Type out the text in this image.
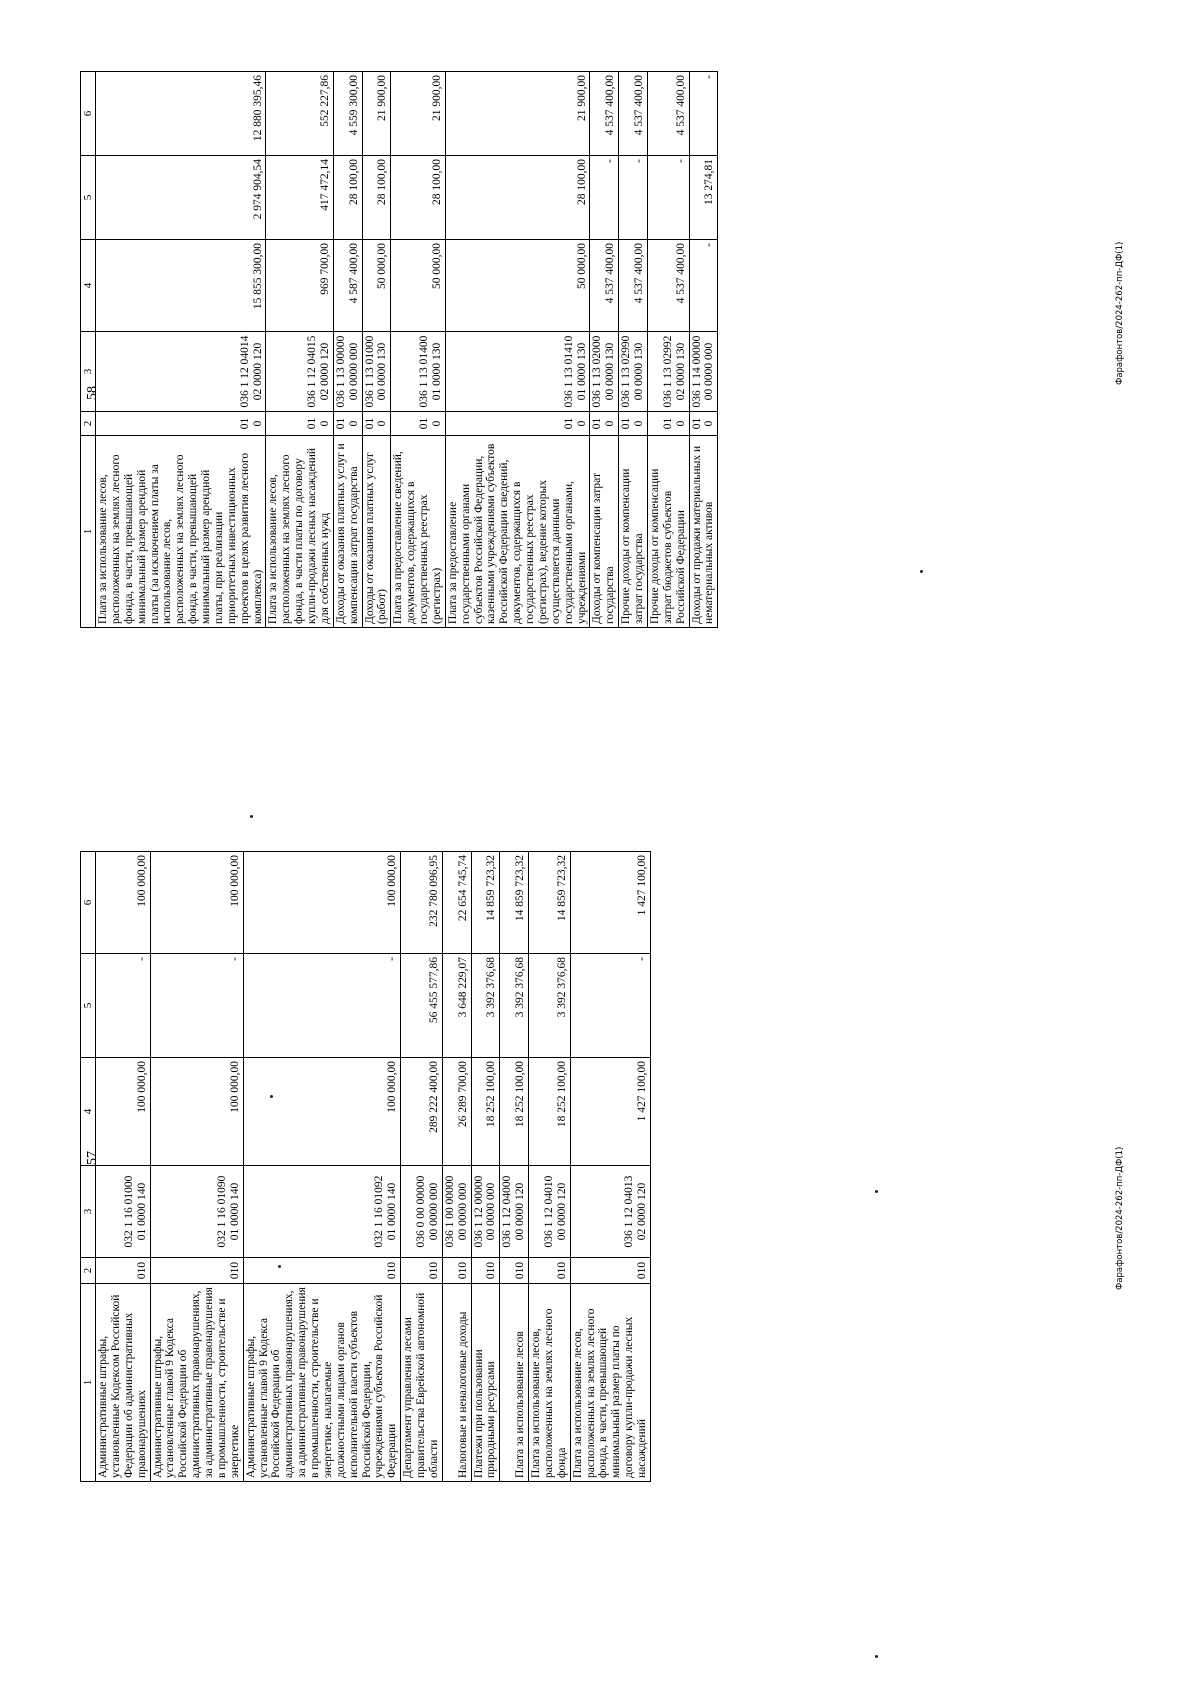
1	2	3	4	5	6
Административные штрафы, установленные Кодексом Российской Федерации об административных правонарушениях	010	032 1 16 01000 01 0000 140	100 000,00	-	100 000,00
Административные штрафы, установленные главой 9 Кодекса Российской Федерации об административных правонарушениях, за административные правонарушения в промышленности, строительстве и энергетике	010	032 1 16 01090 01 0000 140	100 000,00	-	100 000,00
Административные штрафы, установленные главой 9 Кодекса Российской Федерации об административных правонарушениях, за административные правонарушения в промышленности, строительстве и энергетике, налагаемые должностными лицами органов исполнительной власти субъектов Российской Федерации, учреждениями субъектов Российской Федерации	010	032 1 16 01092 01 0000 140	100 000,00	-	100 000,00
Департамент управления лесами правительства Еврейской автономной области	010	036 0 00 00000 00 0000 000	289 222 400,00	56 455 577,86	232 780 096,95
Налоговые и неналоговые доходы	010	036 1 00 00000 00 0000 000	26 289 700,00	3 648 229,07	22 654 745,74
Платежи при пользовании природными ресурсами	010	036 1 12 00000 00 0000 000	18 252 100,00	3 392 376,68	14 859 723,32
Плата за использование лесов	010	036 1 12 04000 00 0000 120	18 252 100,00	3 392 376,68	14 859 723,32
Плата за использование лесов, расположенных на землях лесного фонда	010	036 1 12 04010 00 0000 120	18 252 100,00	3 392 376,68	14 859 723,32
Плата за использование лесов, расположенных на землях лесного фонда, в части, превышающей минимальный размер платы по договору купли-продажи лесных насаждений	010	036 1 12 04013 02 0000 120	1 427 100,00	-	1 427 100,00
1	2	3	4	5	6
Плата за использование лесов, расположенных на землях лесного фонда, в части, превышающей минимальный размер арендной платы (за исключением платы за использование лесов, расположенных на землях лесного фонда, в части, превышающей минимальный размер арендной платы, при реализации приоритетных инвестиционных проектов в целях развития лесного комплекса)	010	036 1 12 04014 02 0000 120	15 855 300,00	2 974 904,54	12 880 395,46
Плата за использование лесов, расположенных на землях лесного фонда, в части платы по договору купли-продажи лесных насаждений для собственных нужд	010	036 1 12 04015 02 0000 120	969 700,00	417 472,14	552 227,86
Доходы от оказания платных услуг и компенсации затрат государства	010	036 1 13 00000 00 0000 000	4 587 400,00	28 100,00	4 559 300,00
Доходы от оказания платных услуг (работ)	010	036 1 13 01000 00 0000 130	50 000,00	28 100,00	21 900,00
Плата за предоставление сведений, документов, содержащихся в государственных реестрах (регистрах)	010	036 1 13 01400 01 0000 130	50 000,00	28 100,00	21 900,00
Плата за предоставление государственными органами субъектов Российской Федерации, казенными учреждениями субъектов Российской Федерации сведений, документов, содержащихся в государственных реестрах (регистрах), ведение которых осуществляется данными государственными органами, учреждениями	010	036 1 13 01410 01 0000 130	50 000,00	28 100,00	21 900,00
Доходы от компенсации затрат государства	010	036 1 13 02000 00 0000 130	4 537 400,00	-	4 537 400,00
Прочие доходы от компенсации затрат государства	010	036 1 13 02990 00 0000 130	4 537 400,00	-	4 537 400,00
Прочие доходы от компенсации затрат бюджетов субъектов Российской Федерации	010	036 1 13 02992 02 0000 130	4 537 400,00	-	4 537 400,00
Доходы от продажи материальных и нематериальных активов	010	036 1 14 00000 00 0000 000	-	13 274,81	-
57
58
Фарафонтов/2024-262-пп-ДФ(1)
Фарафонтов/2024-262-пп-ДФ(1)
